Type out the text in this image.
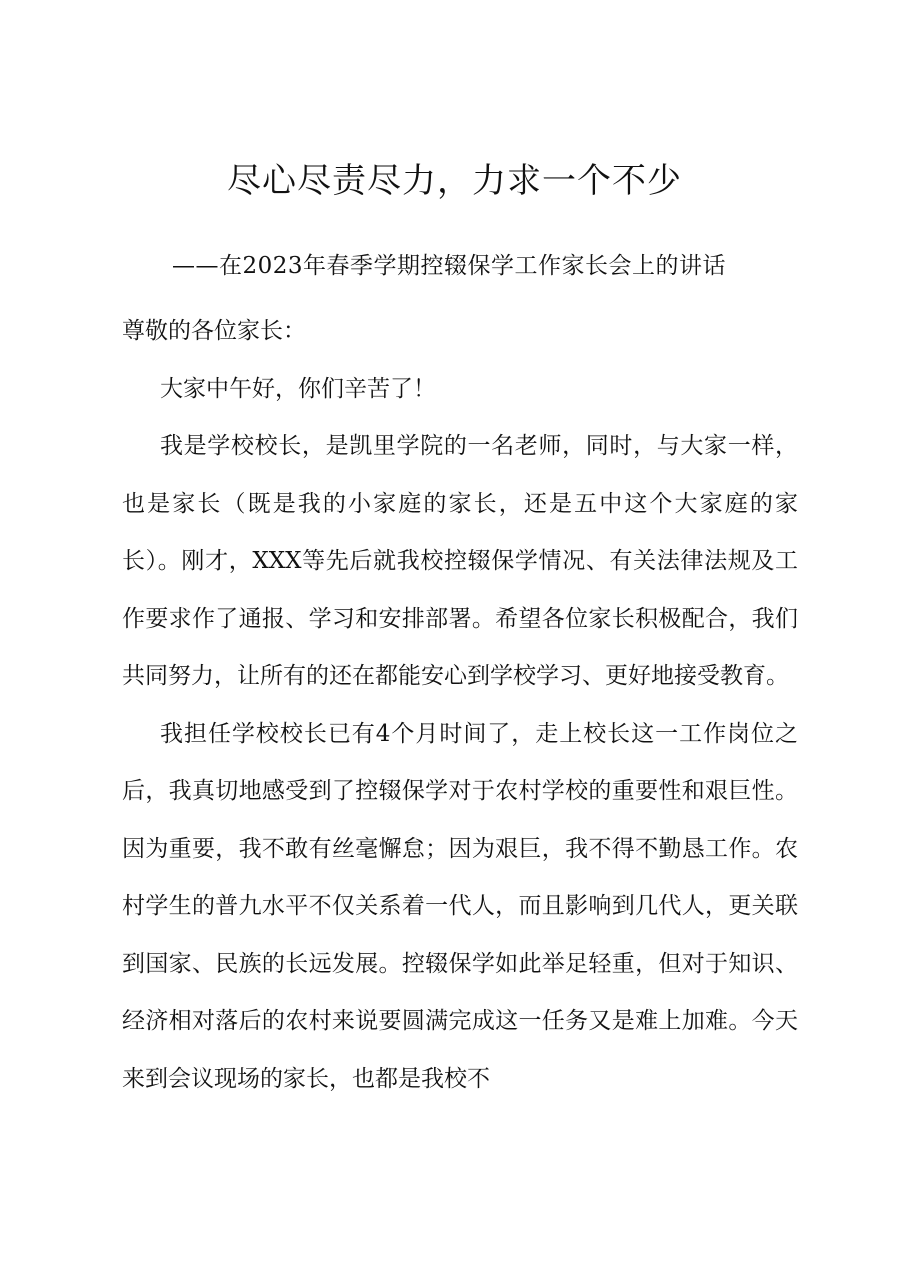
尽心尽责尽力，力求一个不少
——在2023年春季学期控辍保学工作家长会上的讲话

尊敬的各位家长：

大家中午好，你们辛苦了！

我是学校校长，是凯里学院的一名老师，同时，与大家一样，也是家长（既是我的小家庭的家长，还是五中这个大家庭的家长）。刚才，XXX等先后就我校控辍保学情况、有关法律法规及工作要求作了通报、学习和安排部署。希望各位家长积极配合，我们共同努力，让所有的还在都能安心到学校学习、更好地接受教育。

我担任学校校长已有4个月时间了，走上校长这一工作岗位之后，我真切地感受到了控辍保学对于农村学校的重要性和艰巨性。因为重要，我不敢有丝毫懈怠；因为艰巨，我不得不勤恳工作。农村学生的普九水平不仅关系着一代人，而且影响到几代人，更关联到国家、民族的长远发展。控辍保学如此举足轻重，但对于知识、经济相对落后的农村来说要圆满完成这一任务又是难上加难。今天来到会议现场的家长，也都是我校不
